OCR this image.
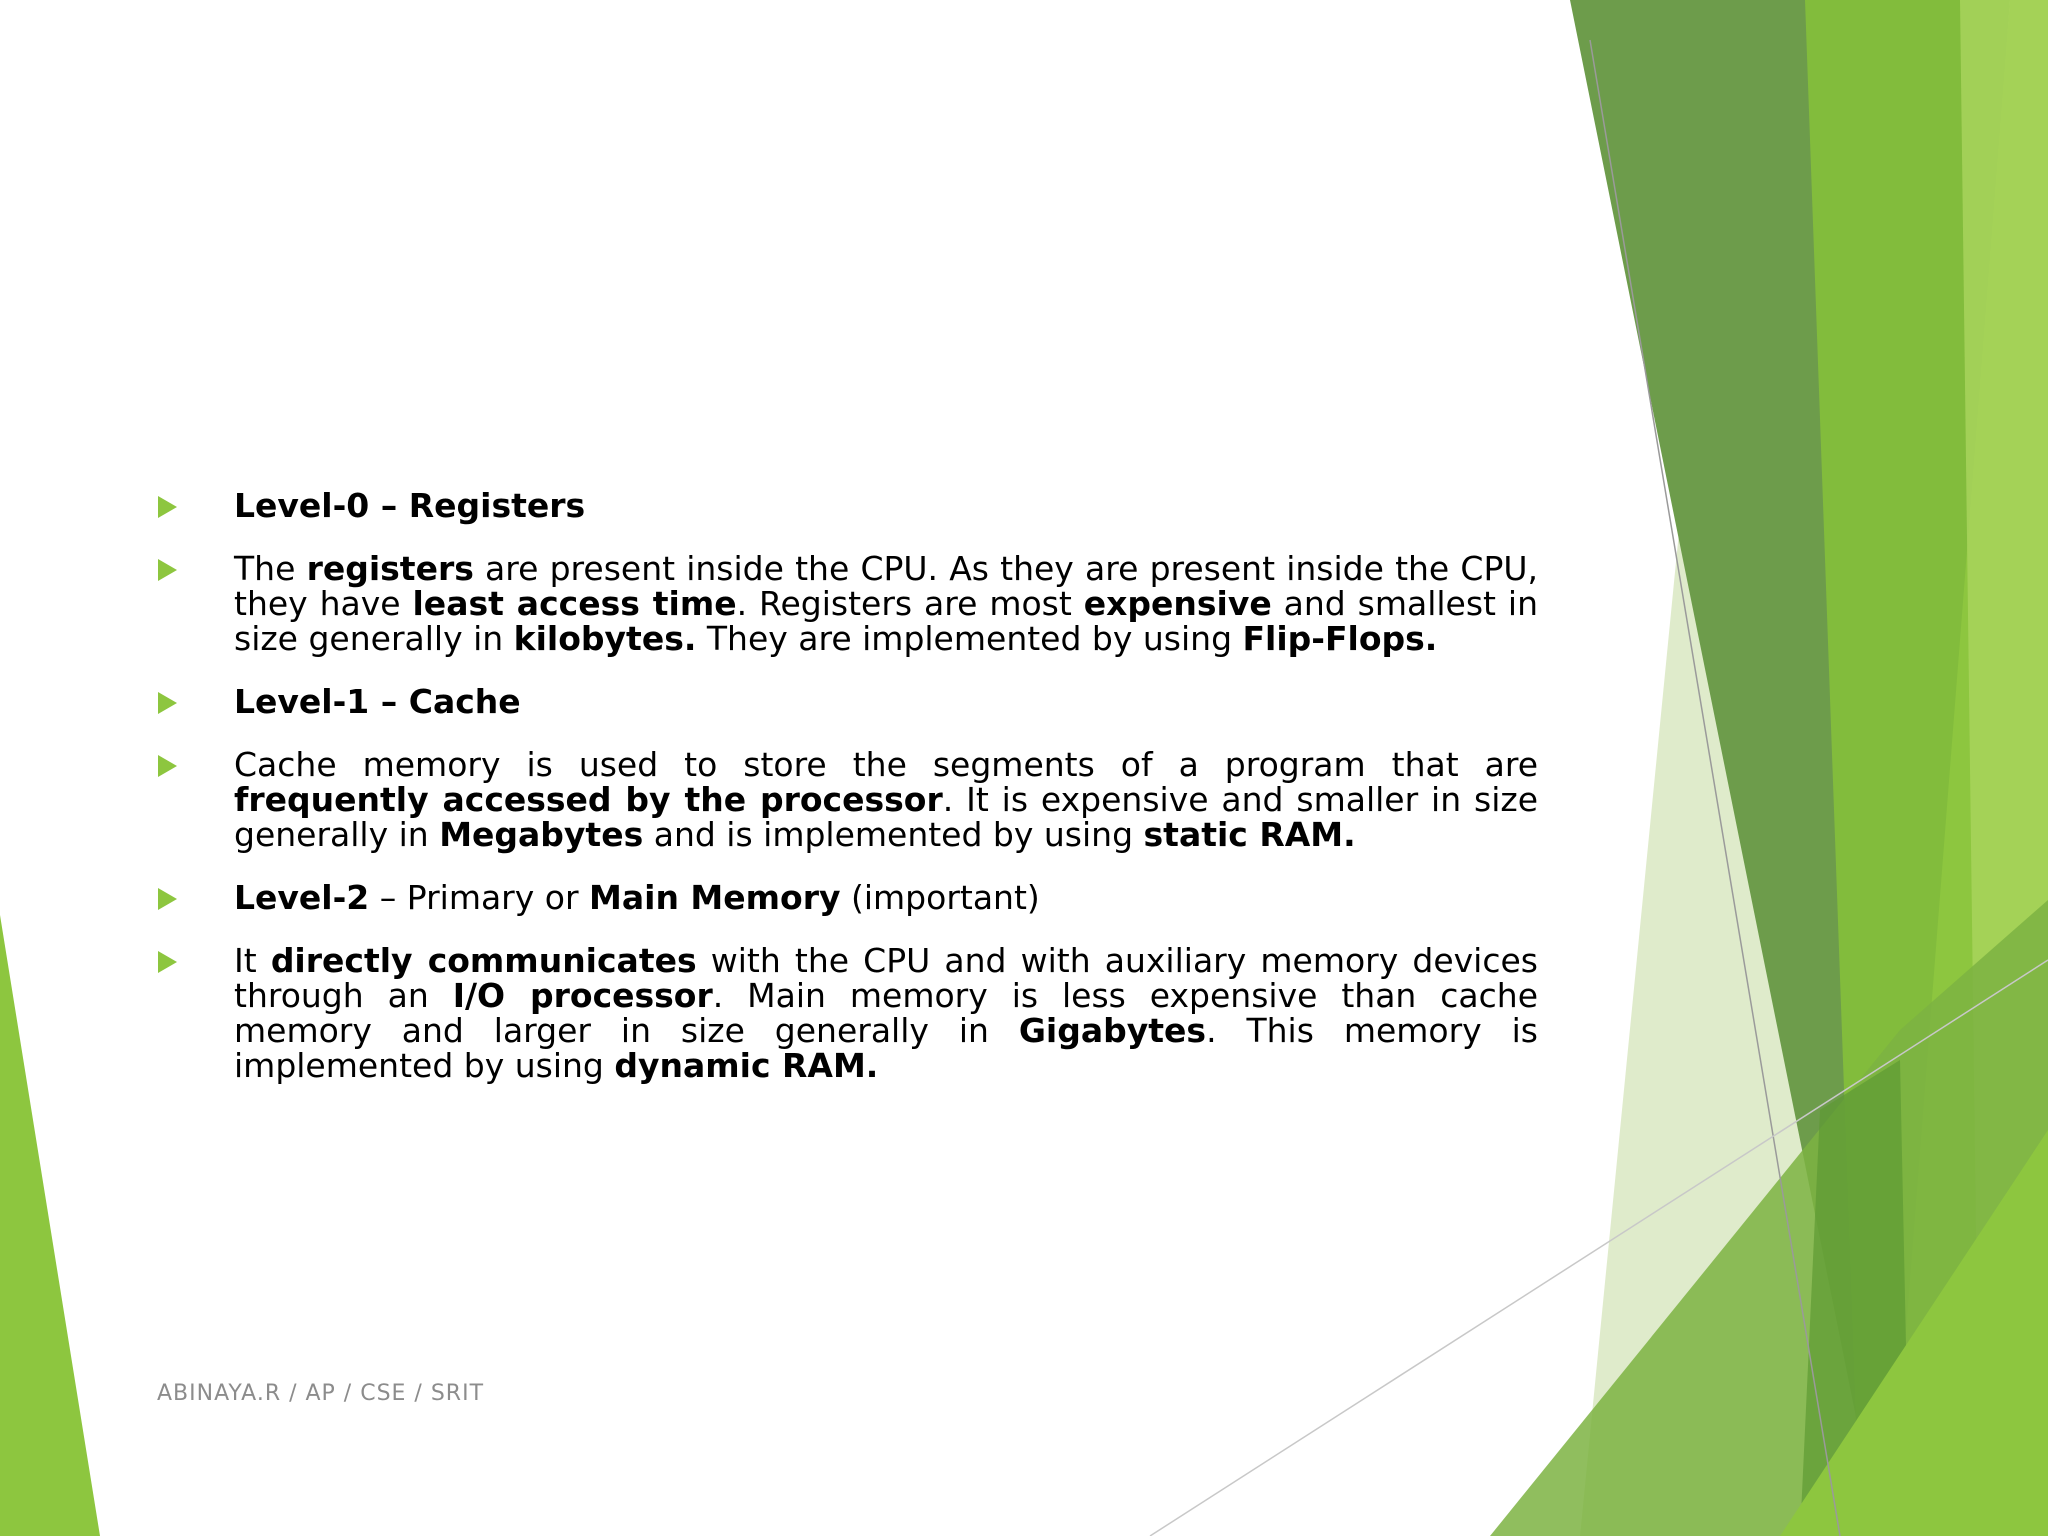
Level-0 – Registers
The registers are present inside the CPU. As they are present inside the CPU, they have least access time. Registers are most expensive and smallest in size generally in kilobytes. They are implemented by using Flip-Flops.
Level-1 – Cache
Cache memory is used to store the segments of a program that are frequently accessed by the processor. It is expensive and smaller in size generally in Megabytes and is implemented by using static RAM.
Level-2 – Primary or Main Memory (important)
It directly communicates with the CPU and with auxiliary memory devices through an I/O processor. Main memory is less expensive than cache memory and larger in size generally in Gigabytes. This memory is implemented by using dynamic RAM.
ABINAYA.R / AP / CSE / SRIT
